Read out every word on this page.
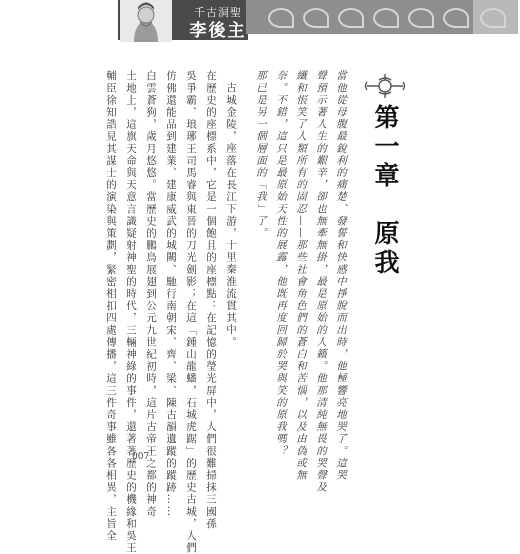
千古洞聖
李後主
第一章　原我
當他從母腹最銳利的痛楚、發誓和快感中掙脫而出時，他極響亮地哭了。這哭
聲預示著人生的艱辛，卻也無牽無掛，最是原始的人籟。他那清純無畏的哭聲及
纖和悵笑了人類所有的固忍——那些社會角色們的蒼白和苦惱，以及由偽或無
奈。不錯，這只是最原始天性的展露，他既再度回歸於哭與笑的原我嗎？
那已是另一個層面的「我」了。
古城金陵，座落在長江下游，十里秦淮流貫其中。
在歷史的座標系中，它是一個飽且的座標點：在記憶的瑩光屏中，人們很難掃抹三國孫
吳爭霸、琅琊王司馬睿與東晉的刀光劍影；在這「鍾山龍蟠，石城虎踞」的歷史古城，人們
仿佛還能品到建業、建康威武的城闕、馳行南朝宋、齊、梁、陳古韻遺蹤的蹤跡……
白雲蒼狗，歲月悠悠。當歷史的鵬鳥展翅到公元九世紀初時，這片古帝王之都的神奇
土地上，這旗天命與天意言識疑射神聖的時代，三輛神綠的事件，還著著歷史的機緣和吳王
輔臣徐知誥見其謀士的演染與策劃，緊密相扣四處傳播，這三件奇事雖各各相異，主旨全 007
